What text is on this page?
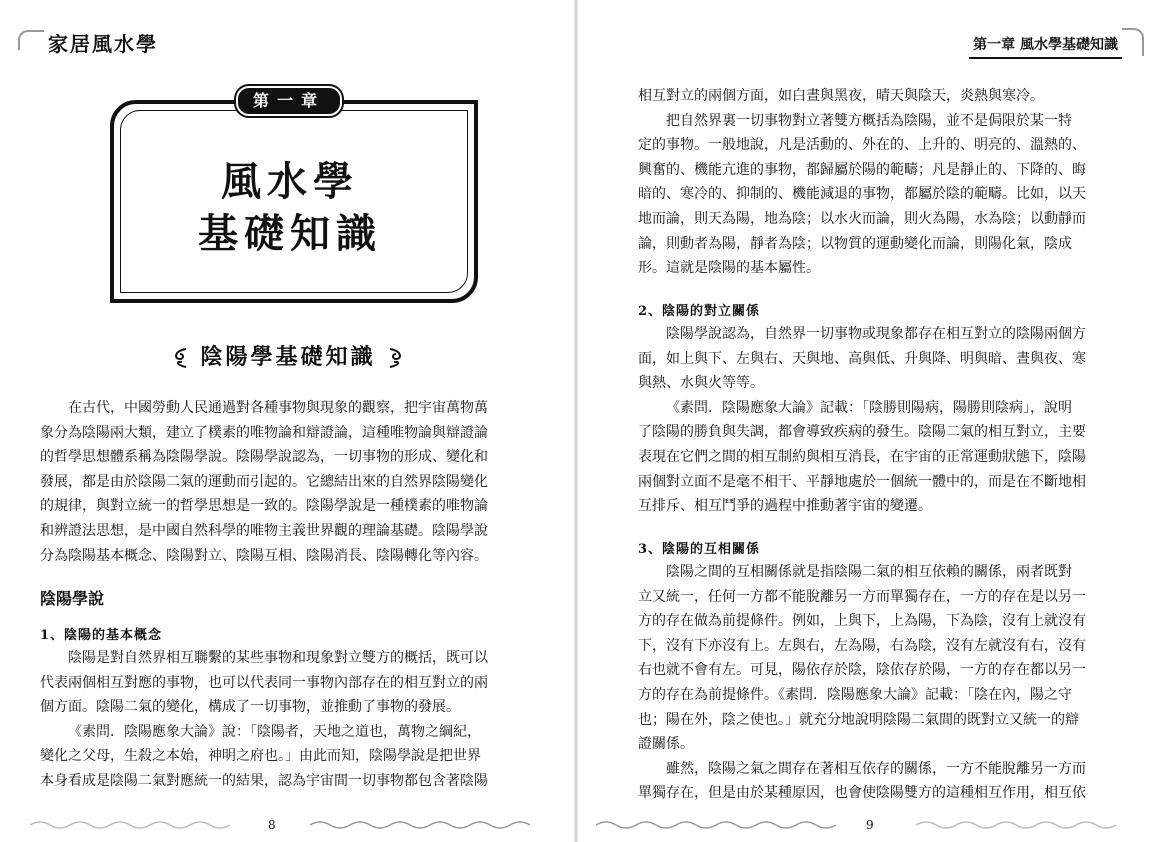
家居風水學
第一章
風水學
基礎知識
陰陽學基礎知識
在古代，中國勞動人民通過對各種事物與現象的觀察，把宇宙萬物萬
象分為陰陽兩大類，建立了樸素的唯物論和辯證論，這種唯物論與辯證論
的哲學思想體系稱為陰陽學說。陰陽學說認為，一切事物的形成、變化和
發展，都是由於陰陽二氣的運動而引起的。它總結出來的自然界陰陽變化
的規律，與對立統一的哲學思想是一致的。陰陽學說是一種樸素的唯物論
和辨證法思想，是中國自然科學的唯物主義世界觀的理論基礎。陰陽學說
分為陰陽基本概念、陰陽對立、陰陽互相、陰陽消長、陰陽轉化等內容。
陰陽學說
1、陰陽的基本概念
陰陽是對自然界相互聯繫的某些事物和現象對立雙方的概括，既可以
代表兩個相互對應的事物，也可以代表同一事物內部存在的相互對立的兩
個方面。陰陽二氣的變化，構成了一切事物，並推動了事物的發展。
《素問．陰陽應象大論》說：「陰陽者，天地之道也，萬物之綱紀，
變化之父母，生殺之本始，神明之府也。」由此而知，陰陽學說是把世界
本身看成是陰陽二氣對應統一的結果，認為宇宙間一切事物都包含著陰陽
8
第一章 風水學基礎知識
相互對立的兩個方面，如白晝與黑夜，晴天與陰天，炎熱與寒冷。
把自然界裏一切事物對立著雙方概括為陰陽，並不是侷限於某一特
定的事物。一般地說，凡是活動的、外在的、上升的、明亮的、溫熱的、
興奮的、機能亢進的事物，都歸屬於陽的範疇；凡是靜止的、下降的、晦
暗的、寒冷的、抑制的、機能減退的事物，都屬於陰的範疇。比如，以天
地而論，則天為陽，地為陰；以水火而論，則火為陽，水為陰；以動靜而
論，則動者為陽，靜者為陰；以物質的運動變化而論，則陽化氣，陰成
形。這就是陰陽的基本屬性。
2、陰陽的對立關係
陰陽學說認為，自然界一切事物或現象都存在相互對立的陰陽兩個方
面，如上與下、左與右、天與地、高與低、升與降、明與暗、晝與夜、寒
與熱、水與火等等。
《素問．陰陽應象大論》記載：「陰勝則陽病，陽勝則陰病」，說明
了陰陽的勝負與失調，都會導致疾病的發生。陰陽二氣的相互對立，主要
表現在它們之間的相互制約與相互消長，在宇宙的正常運動狀態下，陰陽
兩個對立面不是毫不相干、平靜地處於一個統一體中的，而是在不斷地相
互排斥、相互鬥爭的過程中推動著宇宙的變遷。
3、陰陽的互相關係
陰陽之間的互相關係就是指陰陽二氣的相互依賴的關係，兩者既對
立又統一，任何一方都不能脫離另一方而單獨存在，一方的存在是以另一
方的存在做為前提條件。例如，上與下，上為陽，下為陰，沒有上就沒有
下，沒有下亦沒有上。左與右，左為陽，右為陰，沒有左就沒有右，沒有
右也就不會有左。可見，陽依存於陰，陰依存於陽，一方的存在都以另一
方的存在為前提條件。《素問．陰陽應象大論》記載：「陰在內，陽之守
也；陽在外，陰之使也。」就充分地說明陰陽二氣間的既對立又統一的辯
證關係。
雖然，陰陽之氣之間存在著相互依存的關係，一方不能脫離另一方而
單獨存在，但是由於某種原因，也會使陰陽雙方的這種相互作用，相互依
9
